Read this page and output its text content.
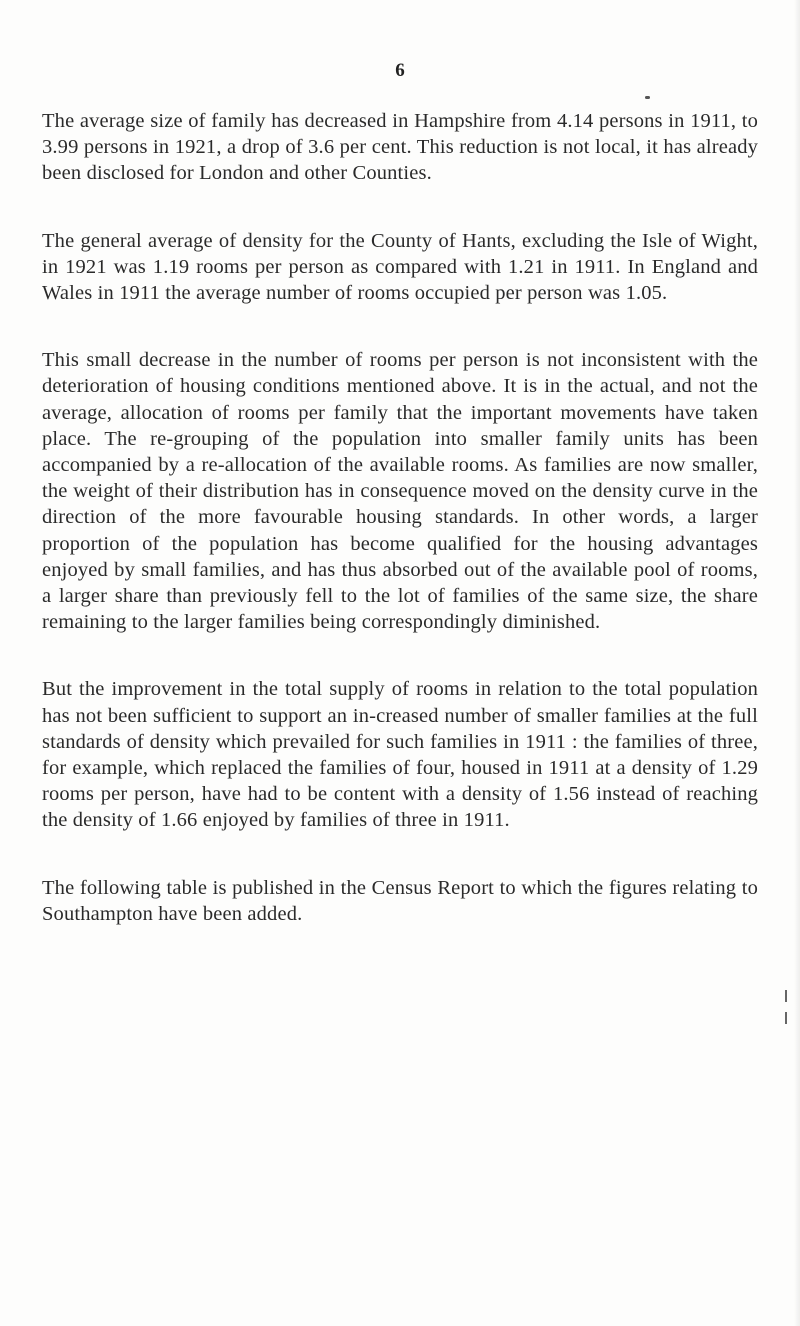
6

The average size of family has decreased in Hampshire from 4.14 persons in 1911, to 3.99 persons in 1921, a drop of 3.6 per cent. This reduction is not local, it has already been disclosed for London and other Counties.

The general average of density for the County of Hants, excluding the Isle of Wight, in 1921 was 1.19 rooms per person as compared with 1.21 in 1911. In England and Wales in 1911 the average number of rooms occupied per person was 1.05.

This small decrease in the number of rooms per person is not inconsistent with the deterioration of housing conditions mentioned above. It is in the actual, and not the average, allocation of rooms per family that the important movements have taken place. The re-grouping of the population into smaller family units has been accompanied by a re-allocation of the available rooms. As families are now smaller, the weight of their distribution has in consequence moved on the density curve in the direction of the more favourable housing standards. In other words, a larger proportion of the population has become qualified for the housing advantages enjoyed by small families, and has thus absorbed out of the available pool of rooms, a larger share than previously fell to the lot of families of the same size, the share remaining to the larger families being correspondingly diminished.

But the improvement in the total supply of rooms in relation to the total population has not been sufficient to support an in-creased number of smaller families at the full standards of density which prevailed for such families in 1911 : the families of three, for example, which replaced the families of four, housed in 1911 at a density of 1.29 rooms per person, have had to be content with a density of 1.56 instead of reaching the density of 1.66 enjoyed by families of three in 1911.

The following table is published in the Census Report to which the figures relating to Southampton have been added.
